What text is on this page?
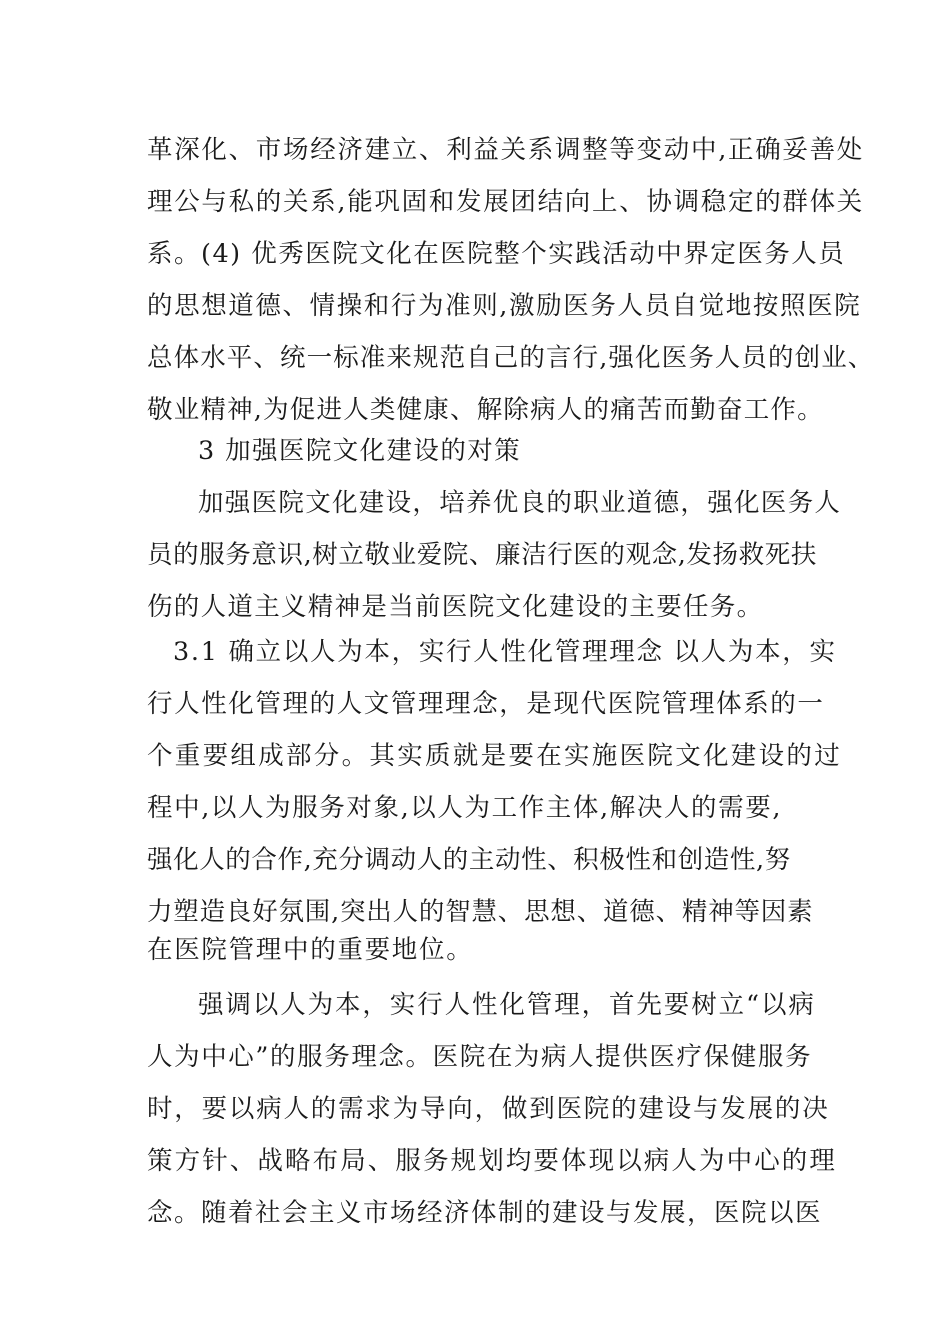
革深化、市场经济建立、利益关系调整等变动中,正确妥善处
理公与私的关系,能巩固和发展团结向上、协调稳定的群体关
系。(4) 优秀医院文化在医院整个实践活动中界定医务人员
的思想道德、情操和行为准则,激励医务人员自觉地按照医院
总体水平、统一标准来规范自己的言行,强化医务人员的创业、
敬业精神,为促进人类健康、解除病人的痛苦而勤奋工作。
3 加强医院文化建设的对策
加强医院文化建设，培养优良的职业道德，强化医务人
员的服务意识,树立敬业爱院、廉洁行医的观念,发扬救死扶
伤的人道主义精神是当前医院文化建设的主要任务。
3.1 确立以人为本，实行人性化管理理念 以人为本，实
行人性化管理的人文管理理念，是现代医院管理体系的一
个重要组成部分。其实质就是要在实施医院文化建设的过
程中,以人为服务对象,以人为工作主体,解决人的需要,
强化人的合作,充分调动人的主动性、积极性和创造性,努
力塑造良好氛围,突出人的智慧、思想、道德、精神等因素
在医院管理中的重要地位。
强调以人为本，实行人性化管理，首先要树立“以病
人为中心”的服务理念。医院在为病人提供医疗保健服务
时，要以病人的需求为导向，做到医院的建设与发展的决
策方针、战略布局、服务规划均要体现以病人为中心的理
念。随着社会主义市场经济体制的建设与发展，医院以医
